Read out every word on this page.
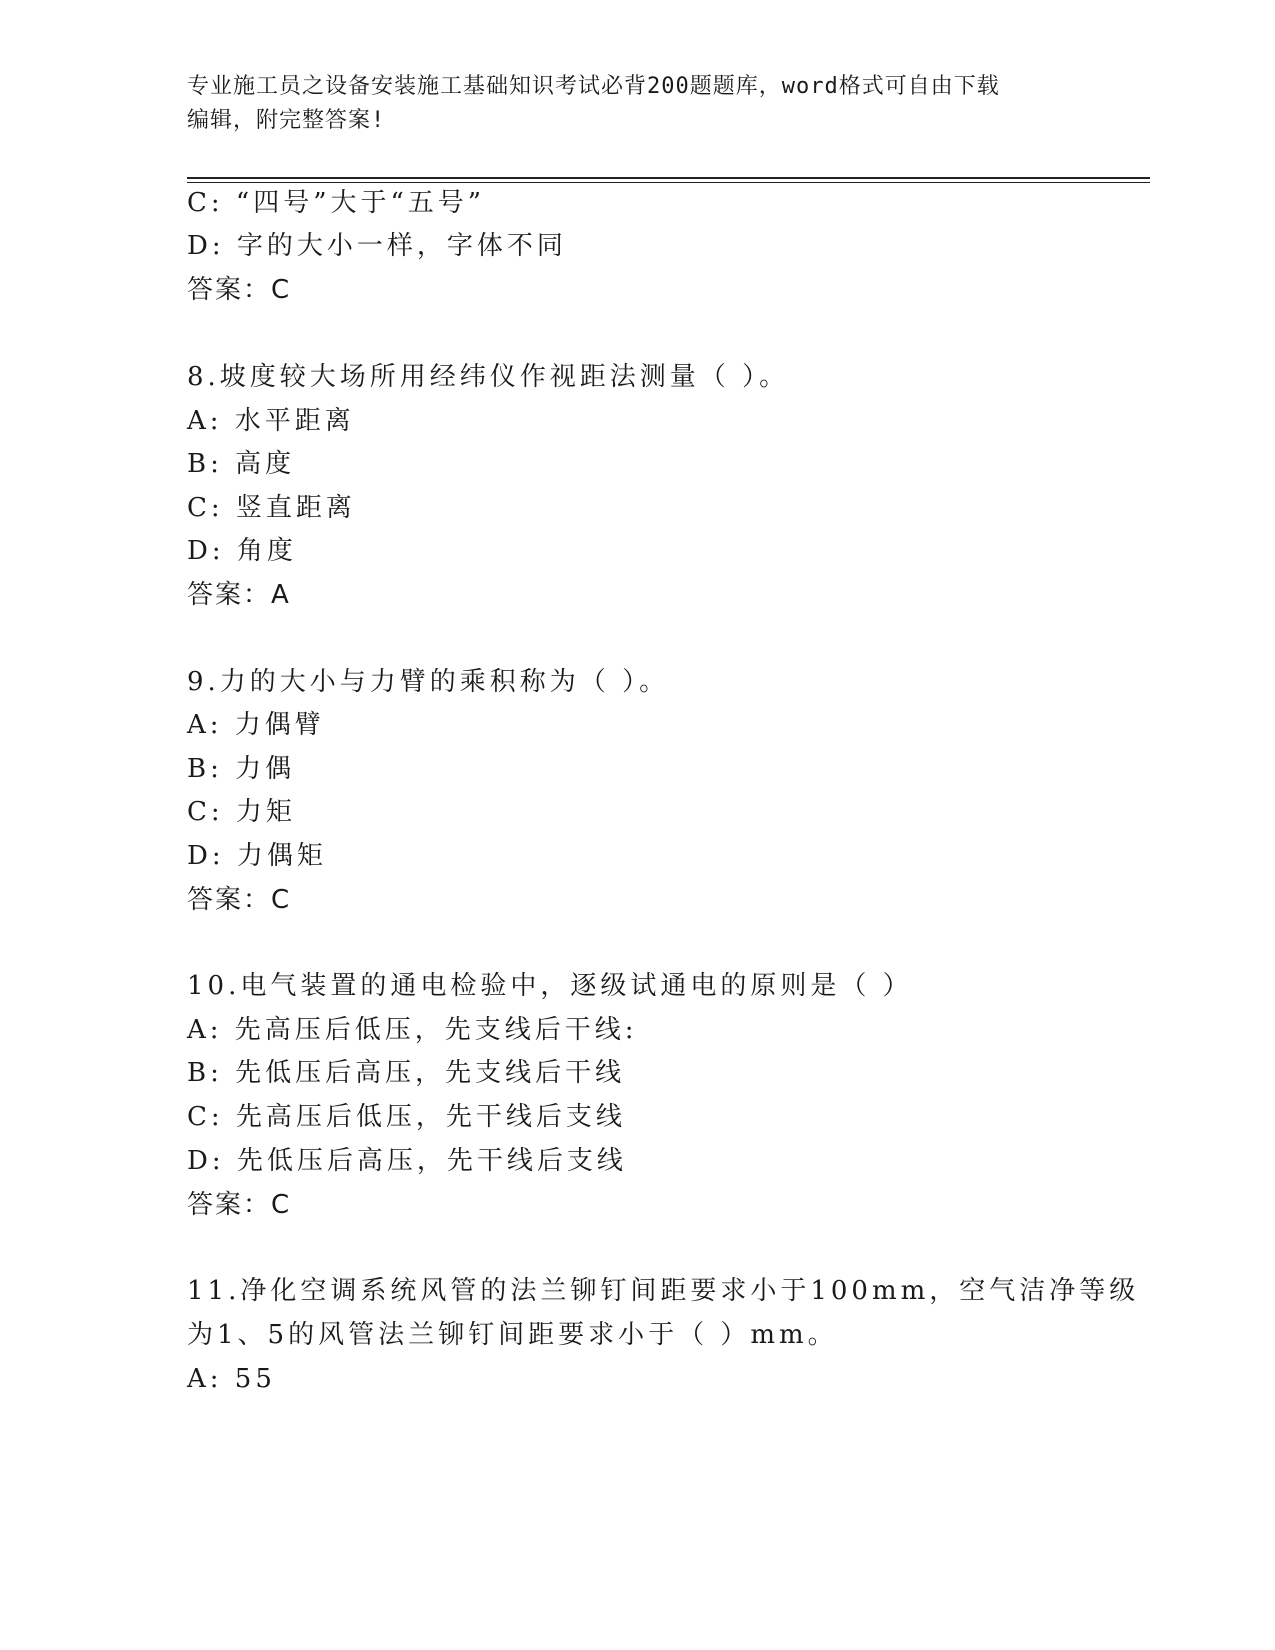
专业施工员之设备安装施工基础知识考试必背200题题库，word格式可自由下载
编辑，附完整答案!
C: “四号”大于“五号”
D: 字的大小一样，字体不同
答案：C
8.坡度较大场所用经纬仪作视距法测量（ ）。
A: 水平距离
B: 高度
C: 竖直距离
D: 角度
答案：A
9.力的大小与力臂的乘积称为（ ）。
A: 力偶臂
B: 力偶
C: 力矩
D: 力偶矩
答案：C
10.电气装置的通电检验中，逐级试通电的原则是（ ）
A: 先高压后低压，先支线后干线:
B: 先低压后高压，先支线后干线
C: 先高压后低压，先干线后支线
D: 先低压后高压，先干线后支线
答案：C
11.净化空调系统风管的法兰铆钉间距要求小于100mm，空气洁净等级
为1、5的风管法兰铆钉间距要求小于（ ）mm。
A: 55
